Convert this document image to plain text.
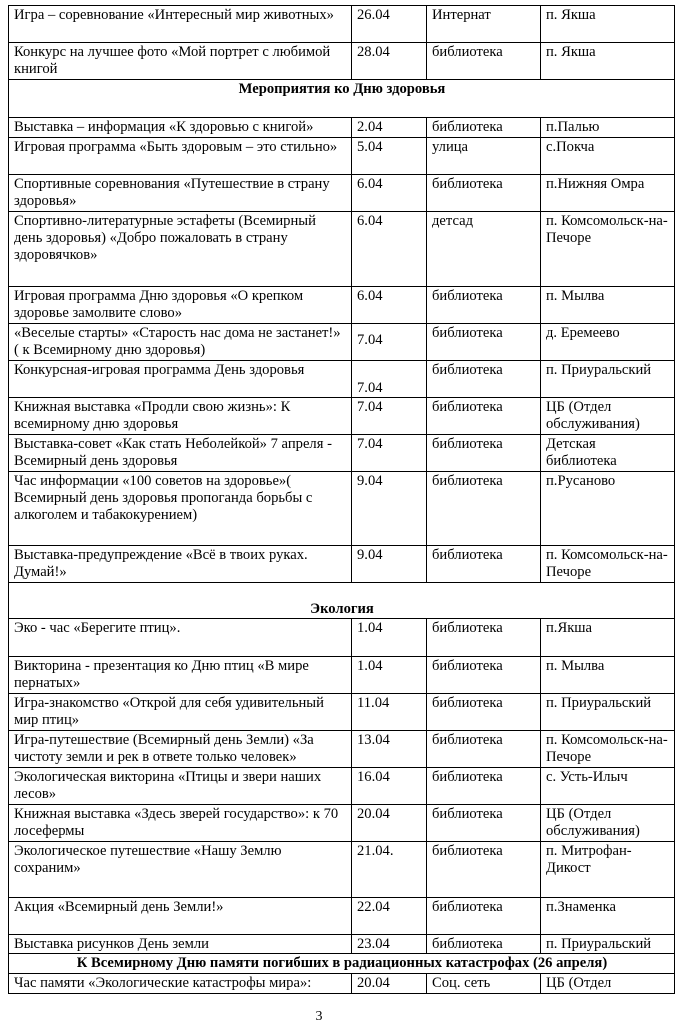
Игра – соревнование «Интересный мир животных»	26.04	Интернат	п. Якша
Конкурс на лучшее фото «Мой портрет с любимой книгой	28.04	библиотека	п. Якша
Мероприятия ко Дню здоровья			
Выставка – информация «К здоровью с книгой»	2.04	библиотека	п.Палью
Игровая программа «Быть здоровым – это стильно»	5.04	улица	с.Покча
Спортивные соревнования «Путешествие в страну здоровья»	6.04	библиотека	п.Нижняя Омра
Спортивно-литературные эстафеты (Всемирный день здоровья) «Добро пожаловать в страну здоровячков»	6.04	детсад	п. Комсомольск-на- Печоре
Игровая программа Дню здоровья «О крепком здоровье замолвите слово»	6.04	библиотека	п. Мылва
«Веселые старты» «Старость нас дома не застанет!» ( к Всемирному дню здоровья)	7.04	библиотека	д. Еремеево
Конкурсная-игровая программа День здоровья	7.04	библиотека	п. Приуральский
Книжная выставка «Продли свою жизнь»: К всемирному дню здоровья	7.04	библиотека	ЦБ (Отдел обслуживания)
Выставка-совет «Как стать Неболейкой» 7 апреля - Всемирный день здоровья	7.04	библиотека	Детская библиотека
Час информации «100 советов на здоровье»( Всемирный день здоровья пропоганда борьбы с алкоголем и табакокурением)	9.04	библиотека	п.Русаново
Выставка-предупреждение «Всё в твоих руках. Думай!»	9.04	библиотека	п. Комсомольск-на- Печоре
Экология			
Эко - час «Берегите птиц».	1.04	библиотека	п.Якша
Викторина - презентация ко Дню птиц «В мире пернатых»	1.04	библиотека	п. Мылва
Игра-знакомство «Открой для себя удивительный мир птиц»	11.04	библиотека	п. Приуральский
Игра-путешествие (Всемирный день Земли) «За чистоту земли и рек в ответе только человек»	13.04	библиотека	п. Комсомольск-на- Печоре
Экологическая викторина «Птицы и звери наших лесов»	16.04	библиотека	с. Усть-Илыч
Книжная выставка «Здесь зверей государство»: к 70 лосефермы	20.04	библиотека	ЦБ (Отдел обслуживания)
Экологическое путешествие «Нашу Землю сохраним»	21.04.	библиотека	п. Митрофан-Дикост
Акция «Всемирный день Земли!»	22.04	библиотека	п.Знаменка
Выставка рисунков День земли	23.04	библиотека	п. Приуральский
К Всемирному Дню памяти погибших в радиационных катастрофах (26 апреля)			
Час памяти «Экологические катастрофы мира»:	20.04	Соц. сеть	ЦБ (Отдел
3
